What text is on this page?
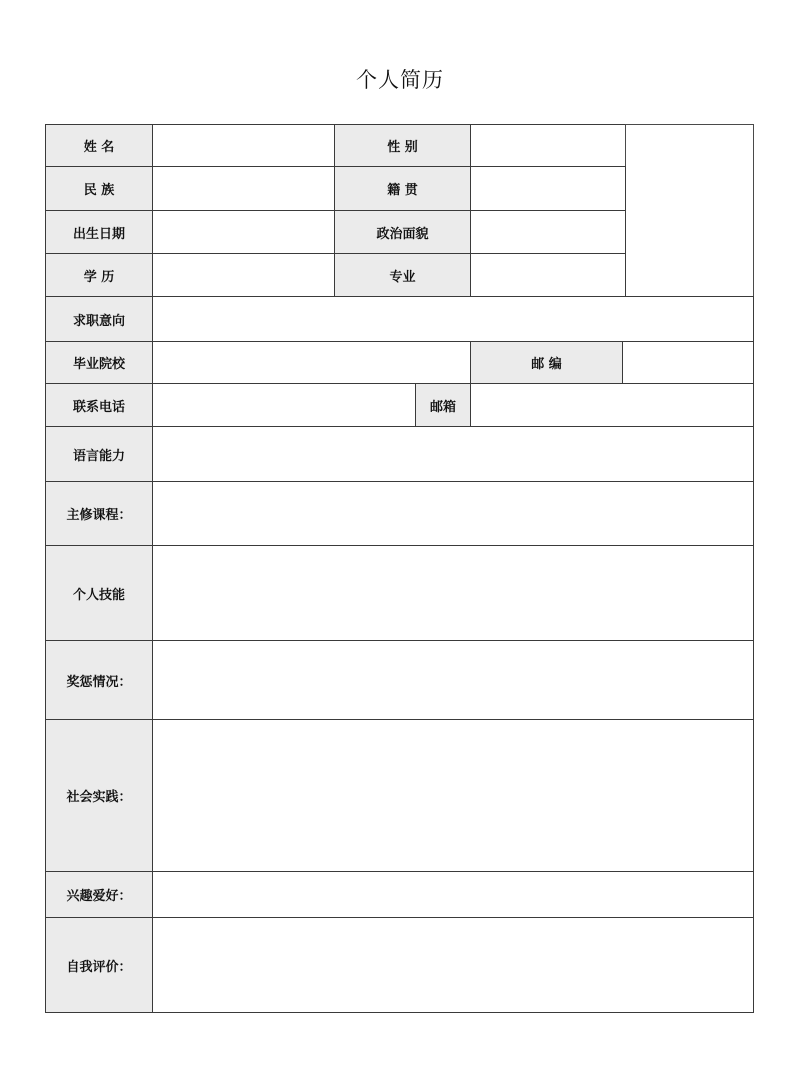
个人简历
姓 名	性 别
民 族	籍 贯
出生日期	政治面貌
学 历	专业
求职意向
毕业院校	邮 编
联系电话	邮箱
语言能力
主修课程：
个人技能
奖惩情况：
社会实践：
兴趣爱好：
自我评价：
